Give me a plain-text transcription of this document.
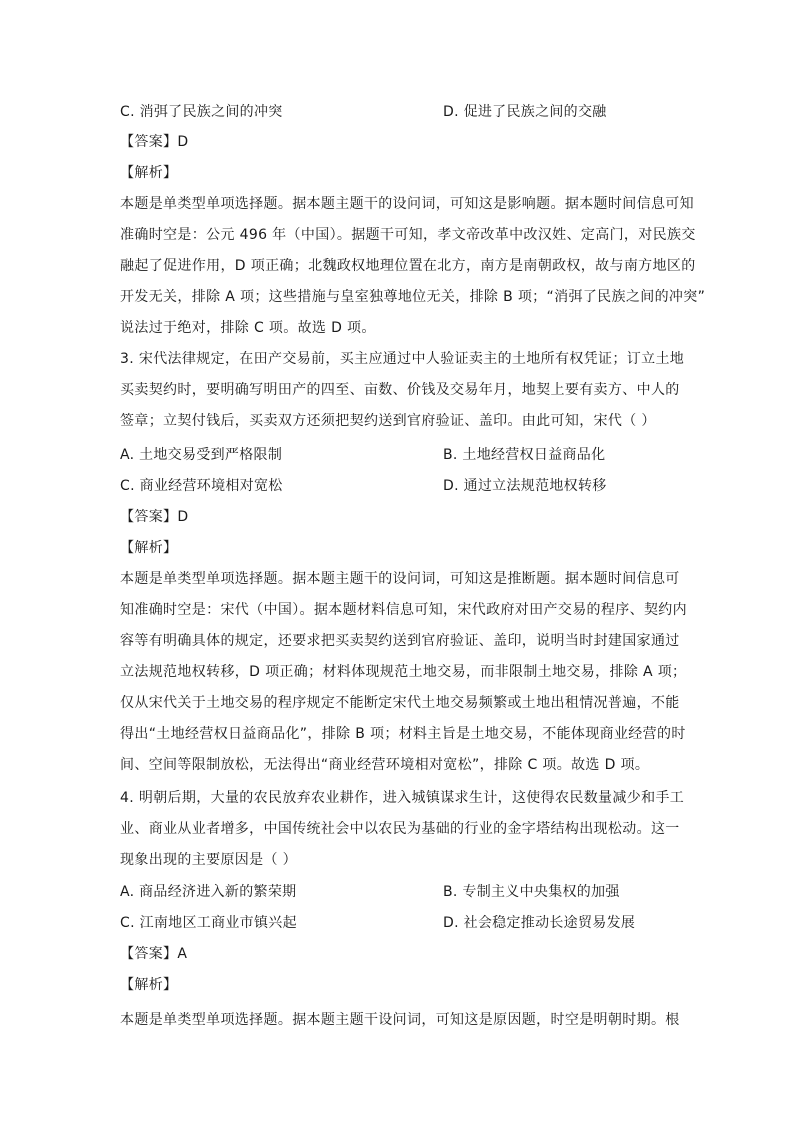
C. 消弭了民族之间的冲突	D. 促进了民族之间的交融
【答案】D
【解析】
本题是单类型单项选择题。据本题主题干的设问词，可知这是影响题。据本题时间信息可知
准确时空是：公元 496 年（中国）。据题干可知，孝文帝改革中改汉姓、定高门，对民族交
融起了促进作用，D 项正确；北魏政权地理位置在北方，南方是南朝政权，故与南方地区的
开发无关，排除 A 项；这些措施与皇室独尊地位无关，排除 B 项；“消弭了民族之间的冲突”
说法过于绝对，排除 C 项。故选 D 项。
3. 宋代法律规定，在田产交易前，买主应通过中人验证卖主的土地所有权凭证；订立土地
买卖契约时，要明确写明田产的四至、亩数、价钱及交易年月，地契上要有卖方、中人的
签章；立契付钱后，买卖双方还须把契约送到官府验证、盖印。由此可知，宋代（ ）
A. 土地交易受到严格限制	B. 土地经营权日益商品化
C. 商业经营环境相对宽松	D. 通过立法规范地权转移
【答案】D
【解析】
本题是单类型单项选择题。据本题主题干的设问词，可知这是推断题。据本题时间信息可
知准确时空是：宋代（中国）。据本题材料信息可知，宋代政府对田产交易的程序、契约内
容等有明确具体的规定，还要求把买卖契约送到官府验证、盖印，说明当时封建国家通过
立法规范地权转移，D 项正确；材料体现规范土地交易，而非限制土地交易，排除 A 项；
仅从宋代关于土地交易的程序规定不能断定宋代土地交易频繁或土地出租情况普遍，不能
得出“土地经营权日益商品化”，排除 B 项；材料主旨是土地交易，不能体现商业经营的时
间、空间等限制放松，无法得出“商业经营环境相对宽松”，排除 C 项。故选 D 项。
4. 明朝后期，大量的农民放弃农业耕作，进入城镇谋求生计，这使得农民数量减少和手工
业、商业从业者增多，中国传统社会中以农民为基础的行业的金字塔结构出现松动。这一
现象出现的主要原因是（ ）
A. 商品经济进入新的繁荣期	B. 专制主义中央集权的加强
C. 江南地区工商业市镇兴起	D. 社会稳定推动长途贸易发展
【答案】A
【解析】
本题是单类型单项选择题。据本题主题干设问词，可知这是原因题，时空是明朝时期。根
